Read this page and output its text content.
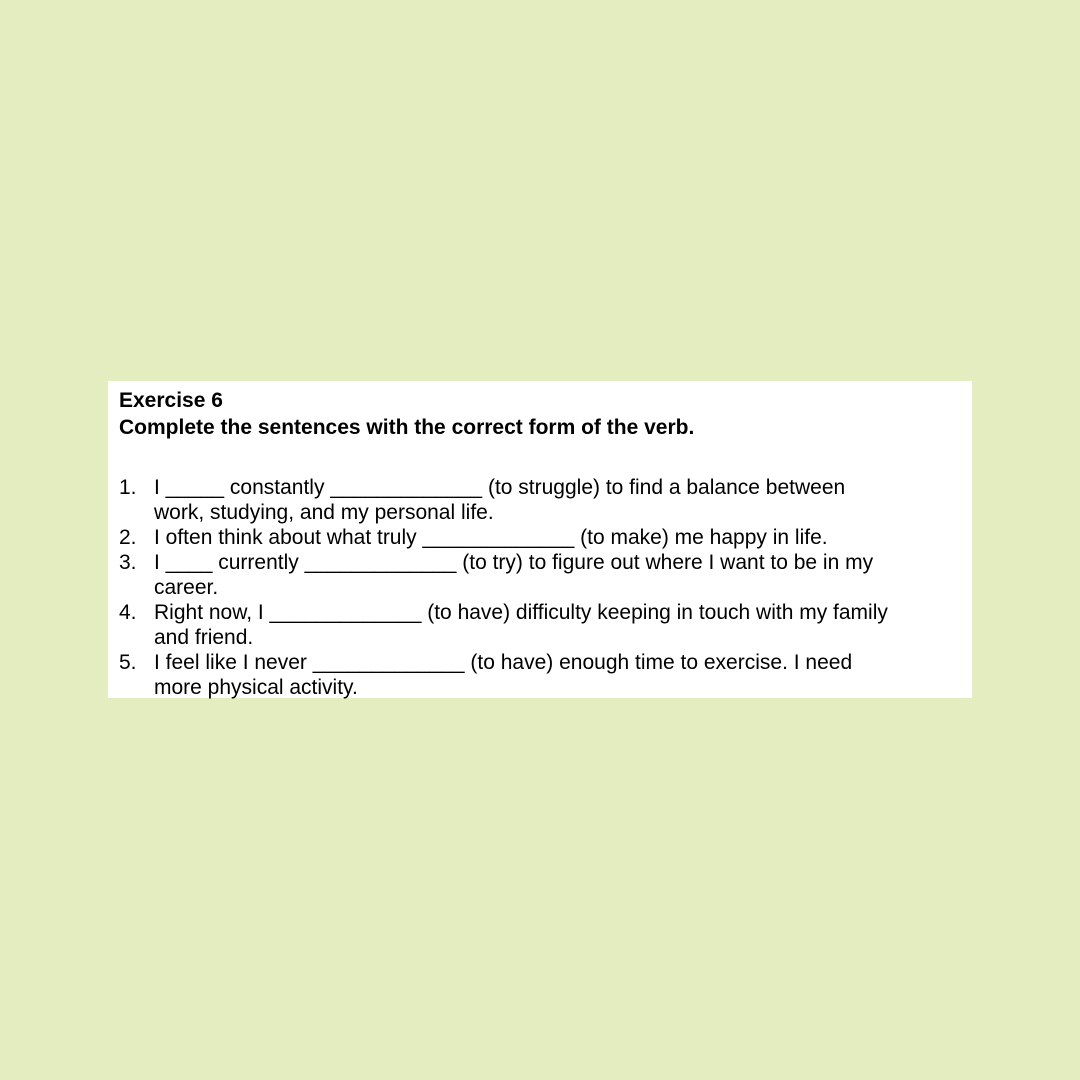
Exercise 6

Complete the sentences with the correct form of the verb.

1. I _____ constantly _____________ (to struggle) to find a balance between
work, studying, and my personal life.
2. I often think about what truly _____________ (to make) me happy in life.
3. I ____ currently _____________ (to try) to figure out where I want to be in my
career.
4. Right now, I _____________ (to have) difficulty keeping in touch with my family
and friend.
5. I feel like I never _____________ (to have) enough time to exercise. I need
more physical activity.
